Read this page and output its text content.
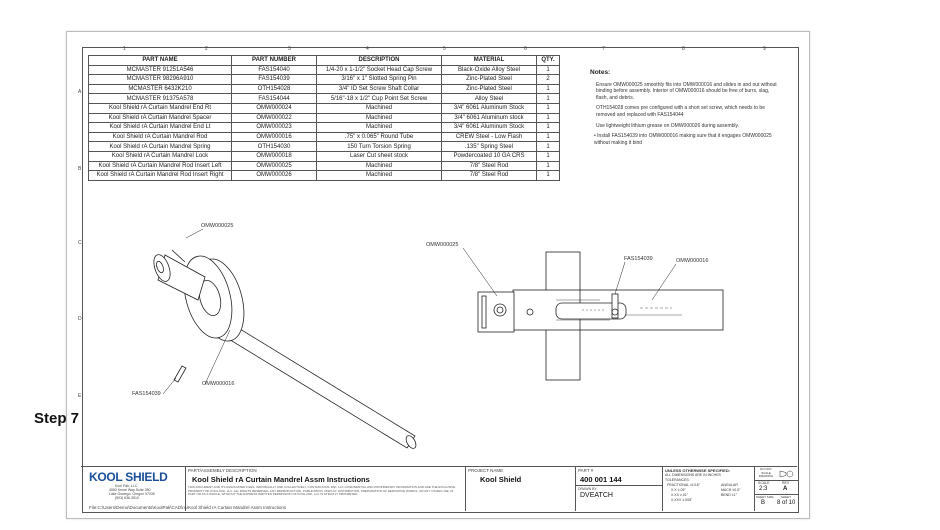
1	2	3	4	5	6	7	8	9
A
B
C
D
E
PART NAME	PART NUMBER	DESCRIPTION	MATERIAL	QTY.
MCMASTER 91251A546	FAS154040	1/4-20 x 1-1/2" Socket Head Cap Screw	Black-Oxide Alloy Steel	1
MCMASTER 98296A910	FAS154039	3/16" x 1" Slotted Spring Pin	Zinc-Plated Steel	2
MCMASTER 6432K210	OTH154028	3/4" ID Set Screw Shaft Collar	Zinc-Plated Steel	1
MCMASTER 91375A578	FAS154044	5/16"-18 x 1/2" Cup Point Set Screw	Alloy Steel	1
Kool Shield rA Curtain Mandrel End Rt	OMW000024	Machined	3/4" 6061 Aluminum Stock	1
Kool Shield rA Curtain Mandrel Spacer	OMW000022	Machined	3/4" 6061 Aluminum stock	1
Kool Shield rA Curtain Mandrel End Lt	OMW000023	Machined	3/4" 6061 Aluminum Stock	1
Kool Shield rA Curtain Mandrel Rod	OMW000016	.75" x 0.065" Round Tube	CREW Steel - Low Flash	1
Kool Shield rA Curtain Mandrel Spring	OTH154030	150 Turn Torsion Spring	.135" Spring Steel	1
Kool Shield rA Curtain Mandrel Lock	OMW000018	Laser Cut sheet stock	Powdercoated 10 GA CRS	1
Kool Shield rA Curtain Mandrel Rod Insert Left	OMW000025	Machined	7/8" Steel Rod	1
Kool Shield rA Curtain Mandrel Rod Insert Right	OMW000026	Machined	7/8" Steel Rod	1
Notes:

Ensure OMW000025 smoothly fits into OMW000016 and slides in and out without binding before assembly. Interior of OMW000016 should be free of burrs, slag, flash, and debris.

OTH154028 comes pre configured with a short set screw, which needs to be removed and replaced with FAS154044

Use lightweight lithium grease on OMW000026 during assembly.

• Install FAS154039 into OMW000016 making sure that it engages OMW000025 without making it bind

OMW000025
OMW000016
FAS154039
OMW000025
FAS154039	OMW000016
Step 7
KOOL SHIELD
Kool Pak, LLC
4550 Kruse Way Suite 350
Lake Oswego, Oregon 97035
(503) 636-3510
PART/ASSEMBLY DESCRIPTION
Kool Shield rA Curtain Mandrel Assm Instructions
THIS DOCUMENT AND ITS ASSOCIATED FILES, INDIVIDUALLY AND COLLECTIVELY, CONTAIN KOOL PAK, LLC CONFIDENTIAL AND PROPRIETARY INFORMATION AND ARE THE EXCLUSIVE PROPERTY OF KOOL PAK, LLC. ALL RIGHTS RESERVED. ANY REPRODUCTION, PUBLICATION, DISPLAY, DISTRIBUTION, PREPARATION OF DERIVATIVE WORKS, OR ANY OTHER USE, IN PART OR AS A WHOLE, WITHOUT THE EXPRESS WRITTEN PERMISSION OF KOOL PAK, LLC IS STRICTLY PROHIBITED.
PROJECT NAME
Kool Shield
PART #
400 001 144
DRAWN BY
DVEATCH
UNLESS OTHERWISE SPECIFIED:
ALL DIMENSIONS ARE IN INCHES
TOLERANCES:
FRACTIONAL ±1/16"
X.X ±.05"
X.XX ±.01"
X.XXX ±.005"
ANGULAR
MACH ±0.5°
BEND ±1°
DO NOT SCALE DRAWING
SCALE
2:3
REV
A
SHEET SIZE
B
SHEET
8 of 10
File:C:\Users\Demo\Documents\KoolPak\CAD\rA\Kool Shield rA Curtain Mandrel Assm Instructions
